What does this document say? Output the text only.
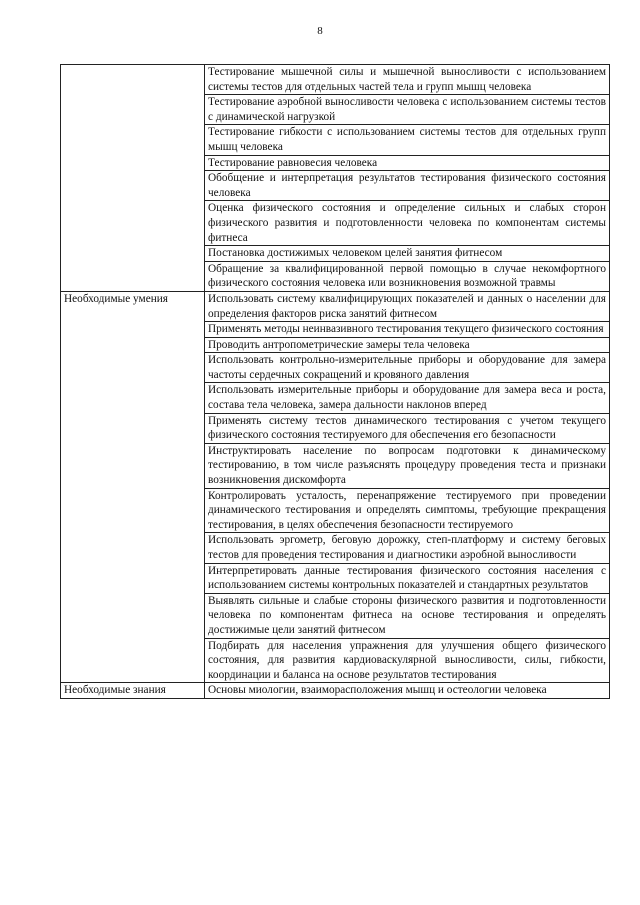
8
	Тестирование мышечной силы и мышечной выносливости с использованием системы тестов для отдельных частей тела и групп мышц человека
	Тестирование аэробной выносливости человека с использованием системы тестов с динамической нагрузкой
	Тестирование гибкости с использованием системы тестов для отдельных групп мышц человека
	Тестирование равновесия человека
	Обобщение и интерпретация результатов тестирования физического состояния человека
	Оценка физического состояния и определение сильных и слабых сторон физического развития и подготовленности человека по компонентам системы фитнеса
	Постановка достижимых человеком целей занятия фитнесом
	Обращение за квалифицированной первой помощью в случае некомфортного физического состояния человека или возникновения возможной травмы
Необходимые умения	Использовать систему квалифицирующих показателей и данных о населении для определения факторов риска занятий фитнесом
	Применять методы неинвазивного тестирования текущего физического состояния
	Проводить антропометрические замеры тела человека
	Использовать контрольно-измерительные приборы и оборудование для замера частоты сердечных сокращений и кровяного давления
	Использовать измерительные приборы и оборудование для замера веса и роста, состава тела человека, замера дальности наклонов вперед
	Применять систему тестов динамического тестирования с учетом текущего физического состояния тестируемого для обеспечения его безопасности
	Инструктировать население по вопросам подготовки к динамическому тестированию, в том числе разъяснять процедуру проведения теста и признаки возникновения дискомфорта
	Контролировать усталость, перенапряжение тестируемого при проведении динамического тестирования и определять симптомы, требующие прекращения тестирования, в целях обеспечения безопасности тестируемого
	Использовать эргометр, беговую дорожку, степ-платформу и систему беговых тестов для проведения тестирования и диагностики аэробной выносливости
	Интерпретировать данные тестирования физического состояния населения с использованием системы контрольных показателей и стандартных результатов
	Выявлять сильные и слабые стороны физического развития и подготовленности человека по компонентам фитнеса на основе тестирования и определять достижимые цели занятий фитнесом
	Подбирать для населения упражнения для улучшения общего физического состояния, для развития кардиоваскулярной выносливости, силы, гибкости, координации и баланса на основе результатов тестирования
Необходимые знания	Основы миологии, взаиморасположения мышц и остеологии человека
